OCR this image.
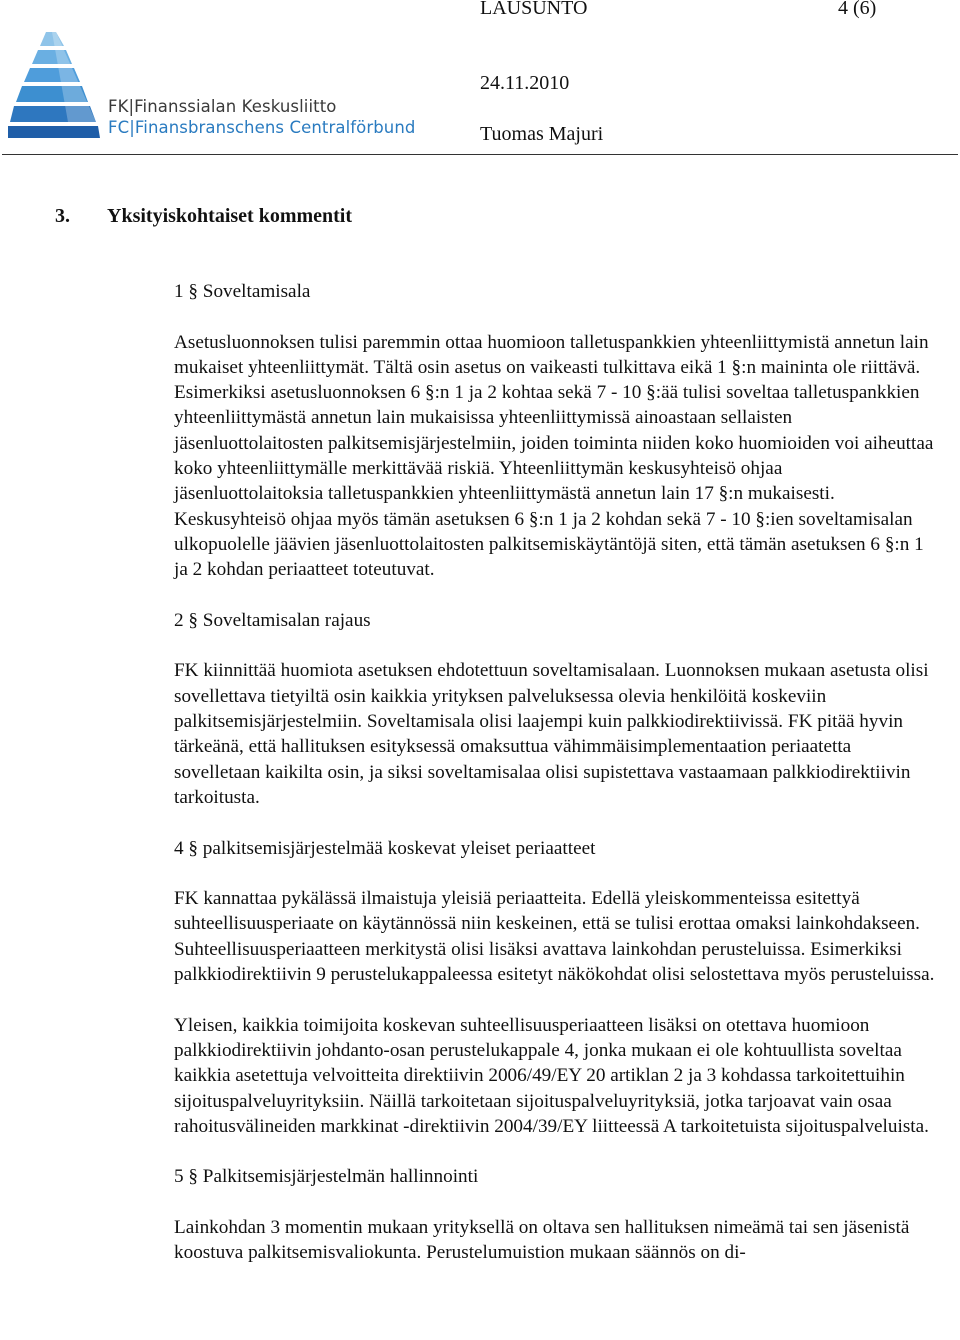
FK|Finanssialan Keskusliitto
FC|Finansbranschens Centralförbund
LAUSUNTO	4 (6)
24.11.2010
Tuomas Majuri
3. Yksityiskohtaiset kommentit
1 § Soveltamisala

Asetusluonnoksen tulisi paremmin ottaa huomioon talletuspankkien yhteenliittymistä annetun lain mukaiset yhteenliittymät. Tältä osin asetus on vaikeasti tulkittava eikä 1 §:n maininta ole riittävä. Esimerkiksi asetusluonnoksen 6 §:n 1 ja 2 kohtaa sekä 7 - 10 §:ää tulisi soveltaa talletuspankkien yhteenliittymästä annetun lain mukaisissa yhteenliittymissä ainoastaan sellaisten jäsenluottolaitosten palkitsemisjärjestelmiin, joiden toiminta niiden koko huomioiden voi aiheuttaa koko yhteenliittymälle merkittävää riskiä. Yhteenliittymän keskusyhteisö ohjaa jäsenluottolaitoksia talletuspankkien yhteenliittymästä annetun lain 17 §:n mukaisesti. Keskusyhteisö ohjaa myös tämän asetuksen 6 §:n 1 ja 2 kohdan sekä 7 - 10 §:ien soveltamisalan ulkopuolelle jäävien jäsenluottolaitosten palkitsemiskäytäntöjä siten, että tämän asetuksen 6 §:n 1 ja 2 kohdan periaatteet toteutuvat.

2 § Soveltamisalan rajaus

FK kiinnittää huomiota asetuksen ehdotettuun soveltamisalaan. Luonnoksen mukaan asetusta olisi sovellettava tietyiltä osin kaikkia yrityksen palveluksessa olevia henkilöitä koskeviin palkitsemisjärjestelmiin. Soveltamisala olisi laajempi kuin palkkiodirektiivissä. FK pitää hyvin tärkeänä, että hallituksen esityksessä omaksuttua vähimmäisimplementaation periaatetta sovelletaan kaikilta osin, ja siksi soveltamisalaa olisi supistettava vastaamaan palkkiodirektiivin tarkoitusta.

4 § palkitsemisjärjestelmää koskevat yleiset periaatteet

FK kannattaa pykälässä ilmaistuja yleisiä periaatteita. Edellä yleiskommenteissa esitettyä suhteellisuusperiaate on käytännössä niin keskeinen, että se tulisi erottaa omaksi lainkohdakseen. Suhteellisuusperiaatteen merkitystä olisi lisäksi avattava lainkohdan perusteluissa. Esimerkiksi palkkiodirektiivin 9 perustelukappaleessa esitetyt näkökohdat olisi selostettava myös perusteluissa.

Yleisen, kaikkia toimijoita koskevan suhteellisuusperiaatteen lisäksi on otettava huomioon palkkiodirektiivin johdanto-osan perustelukappale 4, jonka mukaan ei ole kohtuullista soveltaa kaikkia asetettuja velvoitteita direktiivin 2006/49/EY 20 artiklan 2 ja 3 kohdassa tarkoitettuihin sijoituspalveluyrityksiin. Näillä tarkoitetaan sijoituspalveluyrityksiä, jotka tarjoavat vain osaa rahoitusvälineiden markkinat -direktiivin 2004/39/EY liitteessä A tarkoitetuista sijoituspalveluista.

5 § Palkitsemisjärjestelmän hallinnointi

Lainkohdan 3 momentin mukaan yrityksellä on oltava sen hallituksen nimeämä tai sen jäsenistä koostuva palkitsemisvaliokunta. Perustelumuistion mukaan säännös on di-
